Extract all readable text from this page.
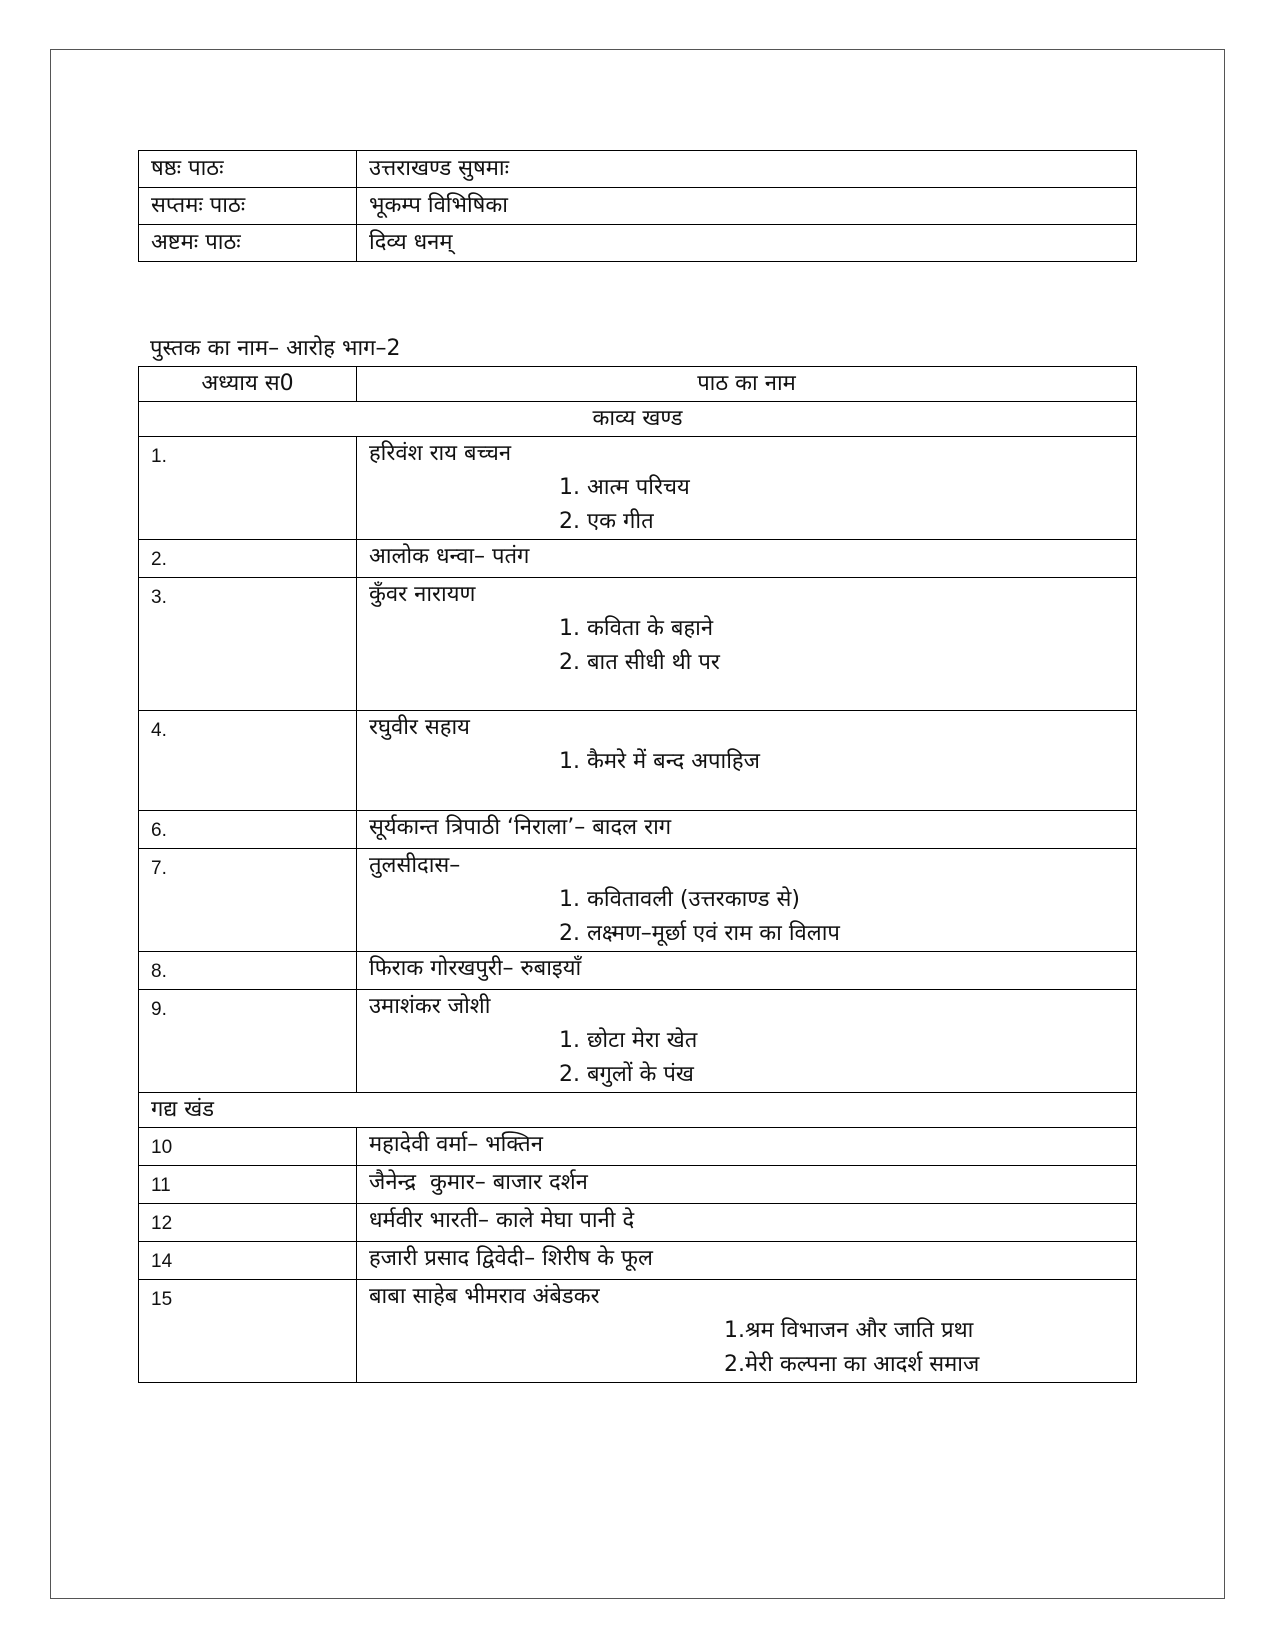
षष्ठः पाठः	उत्तराखण्ड सुषमाः
सप्तमः पाठः	भूकम्प विभिषिका
अष्टमः पाठः	दिव्य धनम्
पुस्तक का नाम– आरोह भाग–2
अध्याय स0	पाठ का नाम
काव्य खण्ड	
1.	हरिवंश राय बच्चन
1. आत्म परिचय
2. एक गीत

2.	आलोक धन्वा– पतंग
3.	कुँवर नारायण
1. कविता के बहाने
2. बात सीधी थी पर

4.	रघुवीर सहाय
1. कैमरे में बन्द अपाहिज

6.	सूर्यकान्त त्रिपाठी ‘निराला’– बादल राग
7.	तुलसीदास–
1. कवितावली (उत्तरकाण्ड से)
2. लक्ष्मण–मूर्छा एवं राम का विलाप

8.	फिराक गोरखपुरी– रुबाइयाँ
9.	उमाशंकर जोशी
1. छोटा मेरा खेत
2. बगुलों के पंख

गद्य खंड	
10	महादेवी वर्मा– भक्तिन
11	जैनेन्द्र  कुमार– बाजार दर्शन
12	धर्मवीर भारती– काले मेघा पानी दे
14	हजारी प्रसाद द्विवेदी– शिरीष के फूल
15	बाबा साहेब भीमराव अंबेडकर
1.श्रम विभाजन और जाति प्रथा
2.मेरी कल्पना का आदर्श समाज
